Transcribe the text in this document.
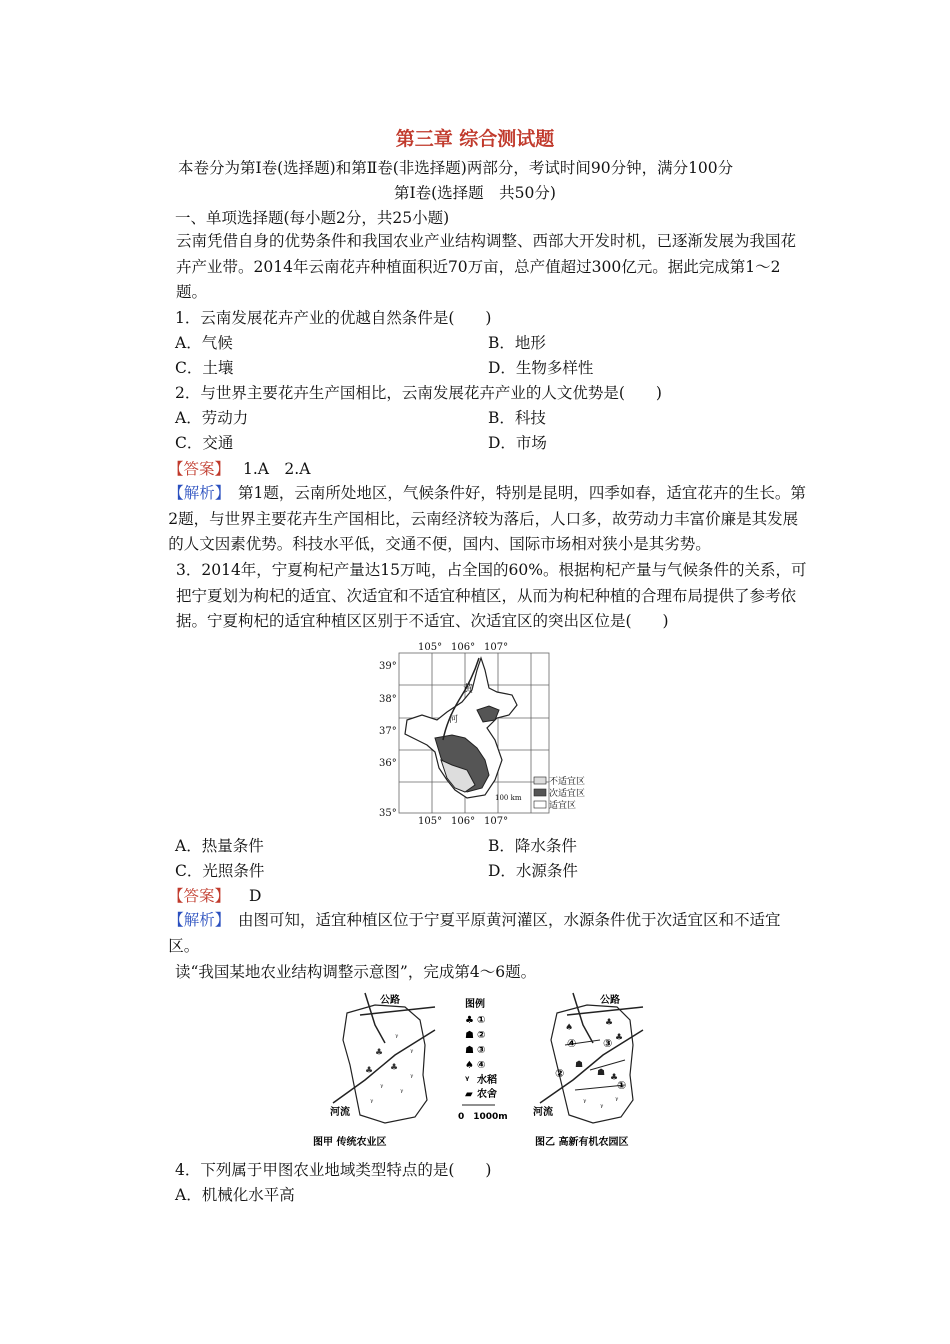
第三章 综合测试题
本卷分为第Ⅰ卷(选择题)和第Ⅱ卷(非选择题)两部分，考试时间90分钟，满分100分
第Ⅰ卷(选择题　共50分)
一、单项选择题(每小题2分，共25小题)
云南凭借自身的优势条件和我国农业产业结构调整、西部大开发时机，已逐渐发展为我国花卉产业带。2014年云南花卉种植面积近70万亩，总产值超过300亿元。据此完成第1～2题。
1．云南发展花卉产业的优越自然条件是(　　)
A．气候	B．地形
C．土壤	D．生物多样性
2．与世界主要花卉生产国相比，云南发展花卉产业的人文优势是(　　)
A．劳动力	B．科技
C．交通	D．市场
【答案】 1.A　2.A
【解析】　第1题，云南所处地区，气候条件好，特别是昆明，四季如春，适宜花卉的生长。第2题，与世界主要花卉生产国相比，云南经济较为落后，人口多，故劳动力丰富价廉是其发展的人文因素优势。科技水平低，交通不便，国内、国际市场相对狭小是其劣势。
3．2014年，宁夏枸杞产量达15万吨，占全国的60%。根据枸杞产量与气候条件的关系，可把宁夏划为枸杞的适宜、次适宜和不适宜种植区，从而为枸杞种植的合理布局提供了参考依据。宁夏枸杞的适宜种植区区别于不适宜、次适宜区的突出区位是(　　)
105° 106° 107°
105° 106° 107°
39°
38°
37°
36°
35°
黄
河
100 km
不适宜区
次适宜区
适宜区
A．热量条件	B．降水条件
C．光照条件	D．水源条件
【答案】 D
【解析】　由图可知，适宜种植区位于宁夏平原黄河灌区，水源条件优于次适宜区和不适宜区。
读“我国某地农业结构调整示意图”，完成第4～6题。
♣
♣
♣
ᵞ ᵞ
ᵞ
ᵞ
ᵞ
ᵞ
公路
河流
图甲 传统农业区
图例
♣ ①
☗ ②
☗ ③
♠ ④
ᵞ 水稻
▰ 农舍
0　1000m
♠	♣
♣
☗
☗ ♣
ᵞ ᵞ
ᵞ
④ ③
②
①
公路
河流
图乙 高新有机农园区
4．下列属于甲图农业地域类型特点的是(　　)
A．机械化水平高
